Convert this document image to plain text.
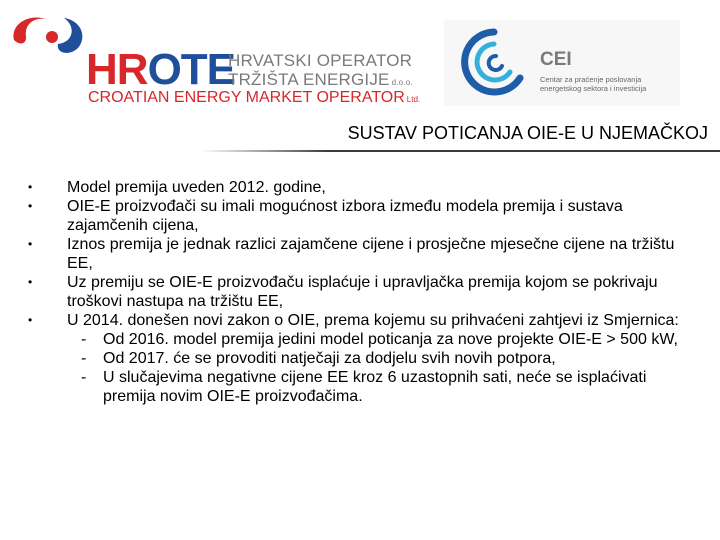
HROTE
HRVATSKI OPERATOR
TRŽIŠTA ENERGIJE d.o.o.
CROATIAN ENERGY MARKET OPERATOR Ltd.
CEI
Centar za praćenje poslovanja energetskog sektora i investicija
SUSTAV POTICANJA OIE-E U NJEMAČKOJ
•	Model premija uveden 2012. godine,
•	OIE-E proizvođači su imali mogućnost izbora između modela premija i sustava zajamčenih cijena,
•	Iznos premija je jednak razlici zajamčene cijene i prosječne mjesečne cijene na tržištu EE,
•	Uz premiju se OIE-E proizvođaču isplaćuje i upravljačka premija kojom se pokrivaju troškovi nastupa na tržištu EE,
•	U 2014. donešen novi zakon o OIE, prema kojemu su prihvaćeni zahtjevi iz Smjernica:
- Od 2016. model premija jedini model poticanja za nove projekte OIE-E > 500 kW,
- Od 2017. će se provoditi natječaji za dodjelu svih novih potpora,
- U slučajevima negativne cijene EE kroz 6 uzastopnih sati, neće se isplaćivati premija novim OIE-E proizvođačima.
